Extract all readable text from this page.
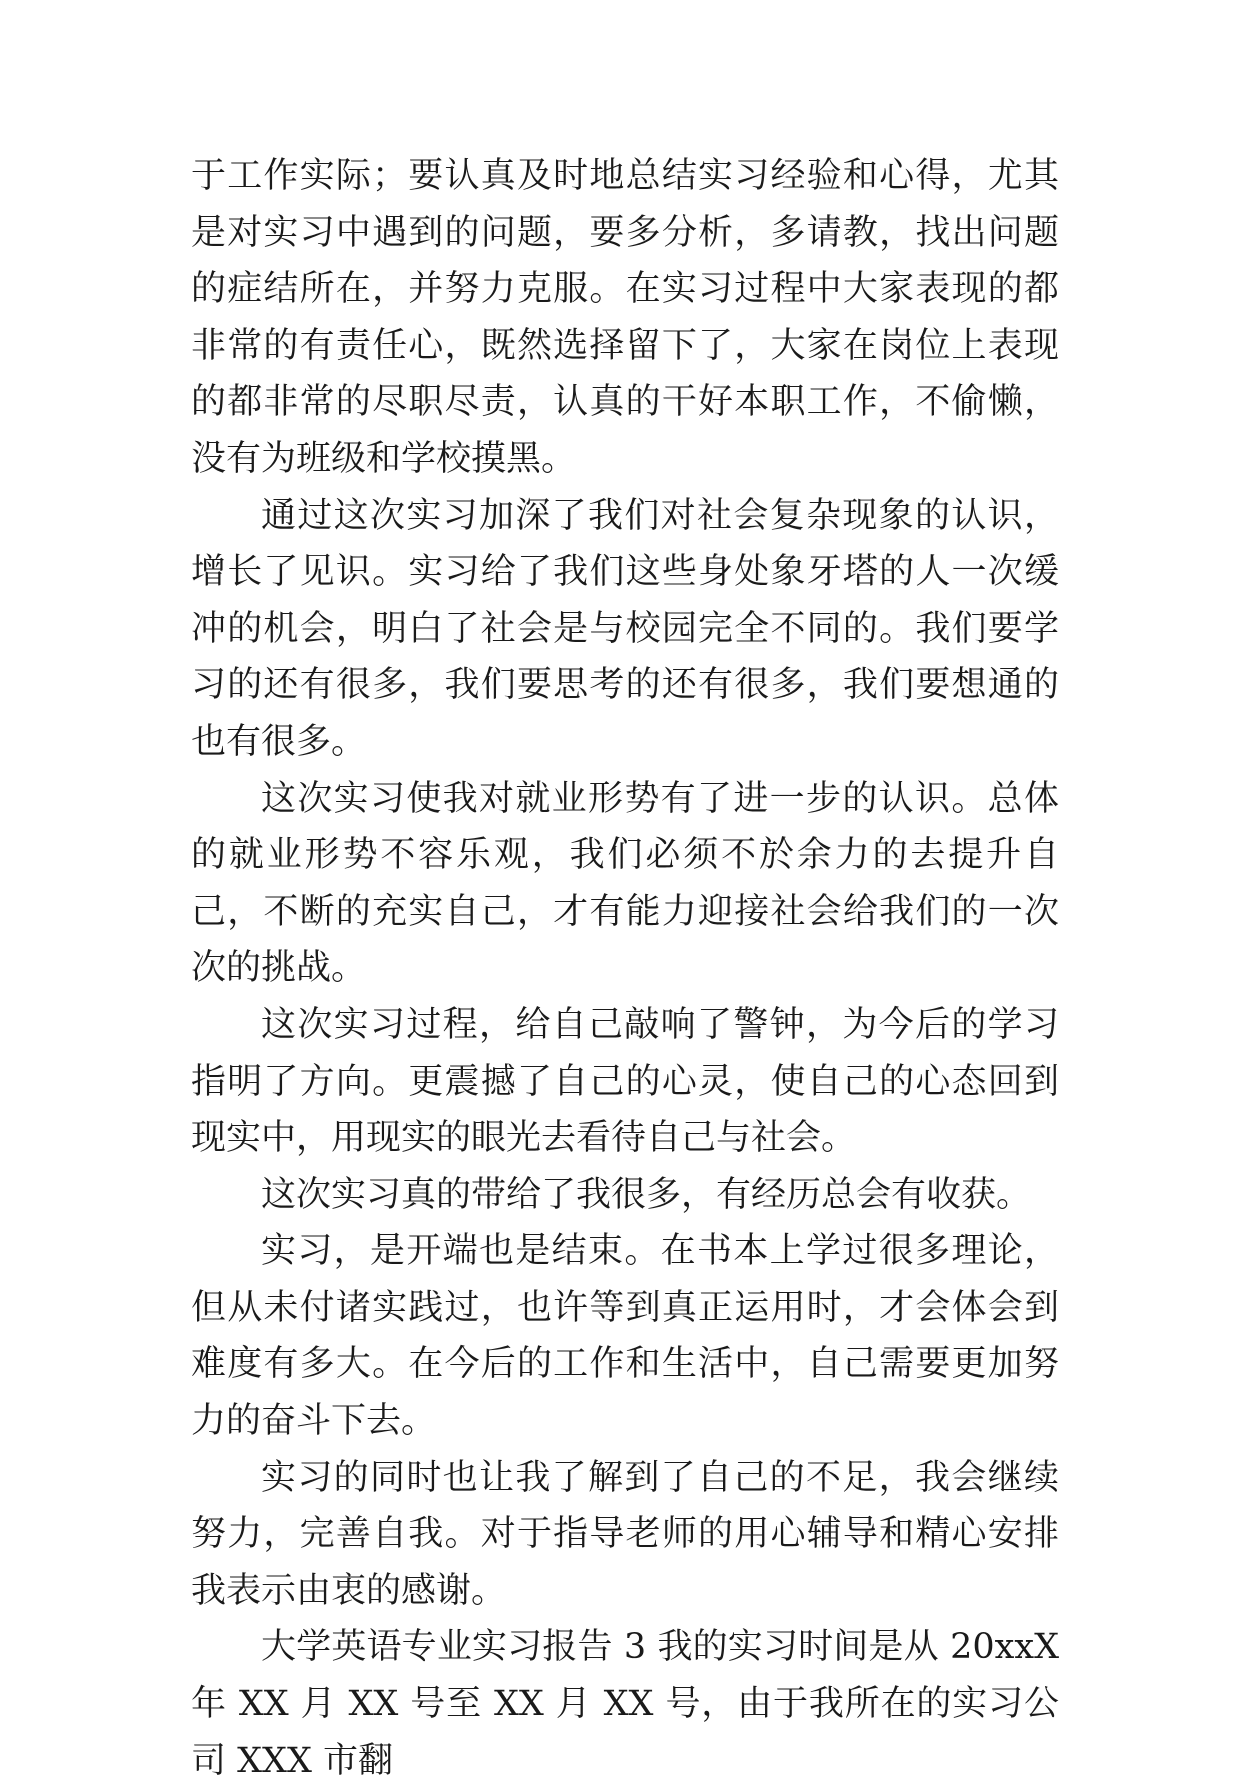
于工作实际；要认真及时地总结实习经验和心得，尤其是对实习中遇到的问题，要多分析，多请教，找出问题的症结所在，并努力克服。在实习过程中大家表现的都非常的有责任心，既然选择留下了，大家在岗位上表现的都非常的尽职尽责，认真的干好本职工作，不偷懒，没有为班级和学校摸黑。

通过这次实习加深了我们对社会复杂现象的认识，增长了见识。实习给了我们这些身处象牙塔的人一次缓冲的机会，明白了社会是与校园完全不同的。我们要学习的还有很多，我们要思考的还有很多，我们要想通的也有很多。

这次实习使我对就业形势有了进一步的认识。总体的就业形势不容乐观，我们必须不於余力的去提升自己，不断的充实自己，才有能力迎接社会给我们的一次次的挑战。

这次实习过程，给自己敲响了警钟，为今后的学习指明了方向。更震撼了自己的心灵，使自己的心态回到现实中，用现实的眼光去看待自己与社会。

这次实习真的带给了我很多，有经历总会有收获。

实习，是开端也是结束。在书本上学过很多理论，但从未付诸实践过，也许等到真正运用时，才会体会到难度有多大。在今后的工作和生活中，自己需要更加努力的奋斗下去。

实习的同时也让我了解到了自己的不足，我会继续努力，完善自我。对于指导老师的用心辅导和精心安排我表示由衷的感谢。

大学英语专业实习报告 3 我的实习时间是从 20xxX 年 XX 月 XX 号至 XX 月 XX 号，由于我所在的实习公司 XXX 市翻
